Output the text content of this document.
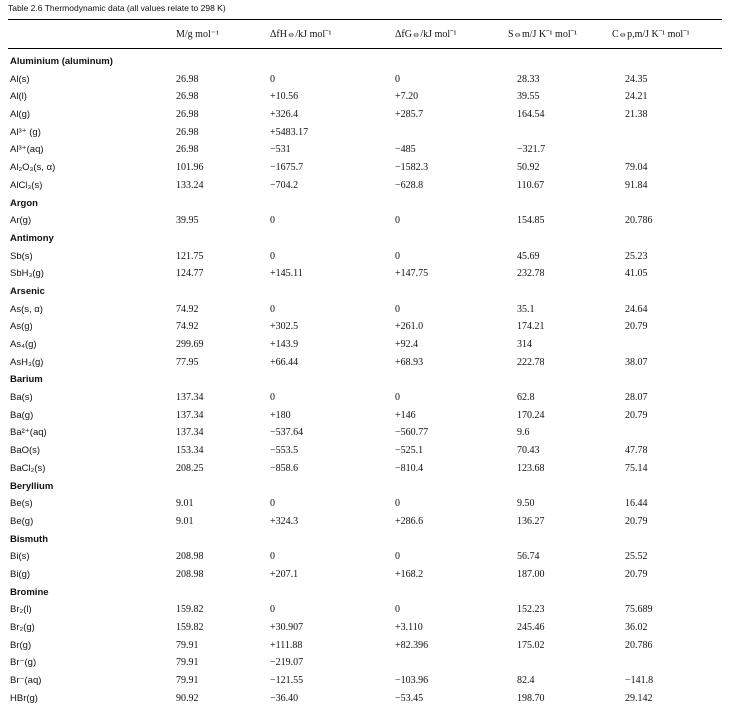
Table 2.6 Thermodynamic data (all values relate to 298 K)
M/g mol⁻¹	ΔfH⦵/kJ mol⁻¹	ΔfG⦵/kJ mol⁻¹	S⦵m/J K⁻¹ mol⁻¹	C⦵p,m/J K⁻¹ mol⁻¹
Aluminium (aluminum)
Al(s)	26.98	0	0	28.33	24.35
Al(l)	26.98	+10.56	+7.20	39.55	24.21
Al(g)	26.98	+326.4	+285.7	164.54	21.38
Al³⁺ (g)	26.98	+5483.17
Al³⁺(aq)	26.98	−531	−485	−321.7
Al₂O₃(s, α)	101.96	−1675.7	−1582.3	50.92	79.04
AlCl₃(s)	133.24	−704.2	−628.8	110.67	91.84
Argon
Ar(g)	39.95	0	0	154.85	20.786
Antimony
Sb(s)	121.75	0	0	45.69	25.23
SbH₃(g)	124.77	+145.11	+147.75	232.78	41.05
Arsenic
As(s, α)	74.92	0	0	35.1	24.64
As(g)	74.92	+302.5	+261.0	174.21	20.79
As₄(g)	299.69	+143.9	+92.4	314
AsH₃(g)	77.95	+66.44	+68.93	222.78	38.07
Barium
Ba(s)	137.34	0	0	62.8	28.07
Ba(g)	137.34	+180	+146	170.24	20.79
Ba²⁺(aq)	137.34	−537.64	−560.77	9.6
BaO(s)	153.34	−553.5	−525.1	70.43	47.78
BaCl₂(s)	208.25	−858.6	−810.4	123.68	75.14
Beryllium
Be(s)	9.01	0	0	9.50	16.44
Be(g)	9.01	+324.3	+286.6	136.27	20.79
Bismuth
Bi(s)	208.98	0	0	56.74	25.52
Bi(g)	208.98	+207.1	+168.2	187.00	20.79
Bromine
Br₂(l)	159.82	0	0	152.23	75.689
Br₂(g)	159.82	+30.907	+3.110	245.46	36.02
Br(g)	79.91	+111.88	+82.396	175.02	20.786
Br⁻(g)	79.91	−219.07
Br⁻(aq)	79.91	−121.55	−103.96	82.4	−141.8
HBr(g)	90.92	−36.40	−53.45	198.70	29.142
